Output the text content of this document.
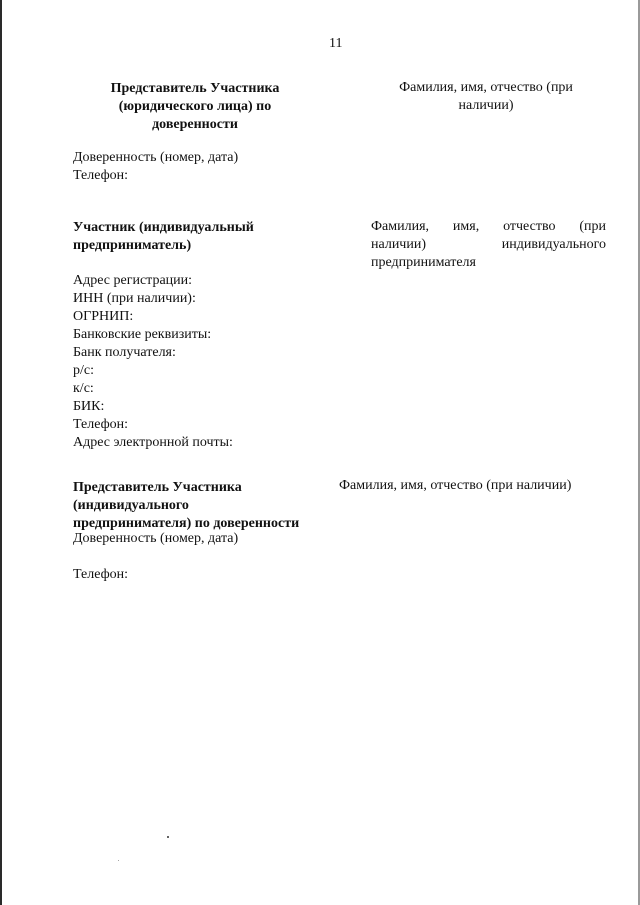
11
Представитель Участника
(юридического лица) по
доверенности
Фамилия, имя, отчество (при
наличии)
Доверенность (номер, дата)
Телефон:
Участник (индивидуальный
предприниматель)
Фамилия, имя, отчество (при
наличии) индивидуального
предпринимателя
Адрес регистрации:
ИНН (при наличии):
ОГРНИП:
Банковские реквизиты:
Банк получателя:
р/с:
к/с:
БИК:
Телефон:
Адрес электронной почты:
Представитель Участника
(индивидуального
предпринимателя) по доверенности
Фамилия, имя, отчество (при наличии)
Доверенность (номер, дата)
Телефон:
